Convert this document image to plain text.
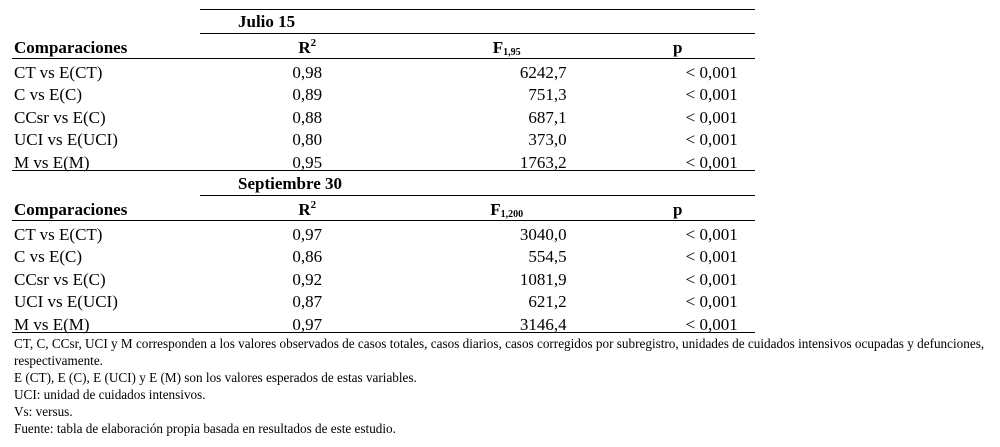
Julio 15
Comparaciones	$R^2$	$F_{1,95}$	p
CT vs E(CT)	0,98	6242,7	< 0,001
C vs E(C)	0,89	751,3	< 0,001
CCsr vs E(C)	0,88	687,1	< 0,001
UCI vs E(UCI)	0,80	373,0	< 0,001
M vs E(M)	0,95	1763,2	< 0,001
Septiembre 30
Comparaciones	$R^2$	$F_{1,200}$	p
CT vs E(CT)	0,97	3040,0	< 0,001
C vs E(C)	0,86	554,5	< 0,001
CCsr vs E(C)	0,92	1081,9	< 0,001
UCI vs E(UCI)	0,87	621,2	< 0,001
M vs E(M)	0,97	3146,4	< 0,001

CT, C, CCsr, UCI y M corresponden a los valores observados de casos totales, casos diarios, casos corregidos por subregistro, unidades de cuidados intensivos ocupadas y defunciones, respectivamente.

E (CT), E (C), E (UCI) y E (M) son los valores esperados de estas variables.

UCI: unidad de cuidados intensivos.

Vs: versus.

Fuente: tabla de elaboración propia basada en resultados de este estudio.
